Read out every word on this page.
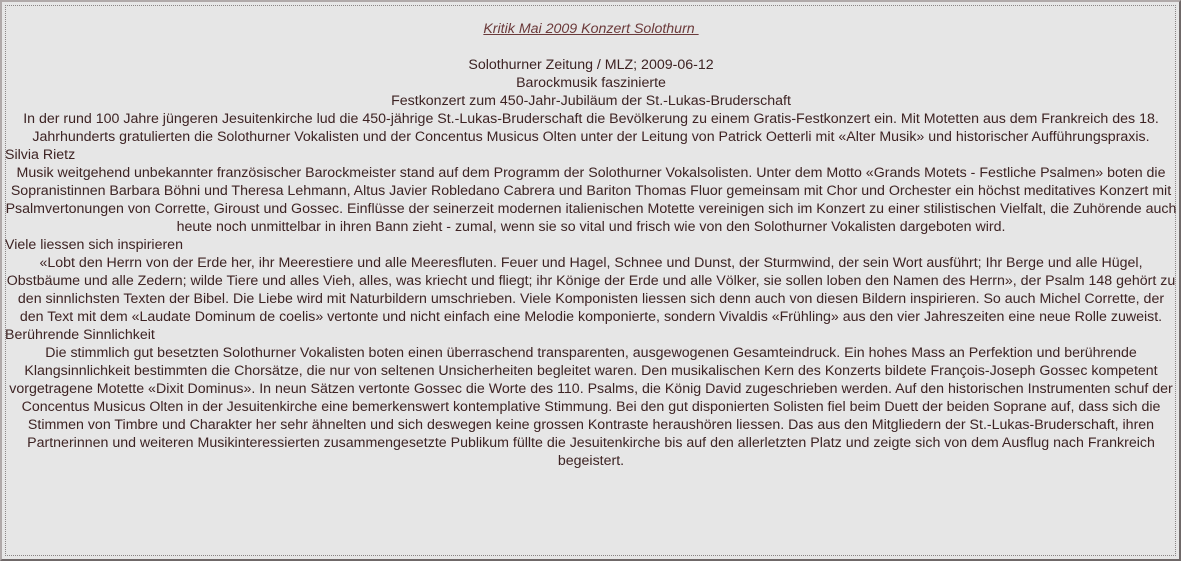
Kritik Mai 2009 Konzert Solothurn

Solothurner Zeitung / MLZ; 2009-06-12

Barockmusik faszinierte

Festkonzert zum 450-Jahr-Jubiläum der St.-Lukas-Bruderschaft

In der rund 100 Jahre jüngeren Jesuitenkirche lud die 450-jährige St.-Lukas-Bruderschaft die Bevölkerung zu einem Gratis-Festkonzert ein. Mit Motetten aus dem Frankreich des 18. Jahrhunderts gratulierten die Solothurner Vokalisten und der Concentus Musicus Olten unter der Leitung von Patrick Oetterli mit «Alter Musik» und historischer Aufführungspraxis.

Silvia Rietz

Musik weitgehend unbekannter französischer Barockmeister stand auf dem Programm der Solothurner Vokalsolisten. Unter dem Motto «Grands Motets - Festliche Psalmen» boten die Sopranistinnen Barbara Böhni und Theresa Lehmann, Altus Javier Robledano Cabrera und Bariton Thomas Fluor gemeinsam mit Chor und Orchester ein höchst meditatives Konzert mit Psalmvertonungen von Corrette, Giroust und Gossec. Einflüsse der seinerzeit modernen italienischen Motette vereinigen sich im Konzert zu einer stilistischen Vielfalt, die Zuhörende auch heute noch unmittelbar in ihren Bann zieht - zumal, wenn sie so vital und frisch wie von den Solothurner Vokalisten dargeboten wird.

Viele liessen sich inspirieren

«Lobt den Herrn von der Erde her, ihr Meerestiere und alle Meeresfluten. Feuer und Hagel, Schnee und Dunst, der Sturmwind, der sein Wort ausführt; Ihr Berge und alle Hügel, Obstbäume und alle Zedern; wilde Tiere und alles Vieh, alles, was kriecht und fliegt; ihr Könige der Erde und alle Völker, sie sollen loben den Namen des Herrn», der Psalm 148 gehört zu den sinnlichsten Texten der Bibel. Die Liebe wird mit Naturbildern umschrieben. Viele Komponisten liessen sich denn auch von diesen Bildern inspirieren. So auch Michel Corrette, der den Text mit dem «Laudate Dominum de coelis» vertonte und nicht einfach eine Melodie komponierte, sondern Vivaldis «Frühling» aus den vier Jahreszeiten eine neue Rolle zuweist.

Berührende Sinnlichkeit

Die stimmlich gut besetzten Solothurner Vokalisten boten einen überraschend transparenten, ausgewogenen Gesamteindruck. Ein hohes Mass an Perfektion und berührende Klangsinnlichkeit bestimmten die Chorsätze, die nur von seltenen Unsicherheiten begleitet waren. Den musikalischen Kern des Konzerts bildete François-Joseph Gossec kompetent vorgetragene Motette «Dixit Dominus». In neun Sätzen vertonte Gossec die Worte des 110. Psalms, die König David zugeschrieben werden. Auf den historischen Instrumenten schuf der Concentus Musicus Olten in der Jesuitenkirche eine bemerkenswert kontemplative Stimmung. Bei den gut disponierten Solisten fiel beim Duett der beiden Soprane auf, dass sich die Stimmen von Timbre und Charakter her sehr ähnelten und sich deswegen keine grossen Kontraste heraushören liessen. Das aus den Mitgliedern der St.-Lukas-Bruderschaft, ihren Partnerinnen und weiteren Musikinteressierten zusammengesetzte Publikum füllte die Jesuitenkirche bis auf den allerletzten Platz und zeigte sich von dem Ausflug nach Frankreich begeistert.
